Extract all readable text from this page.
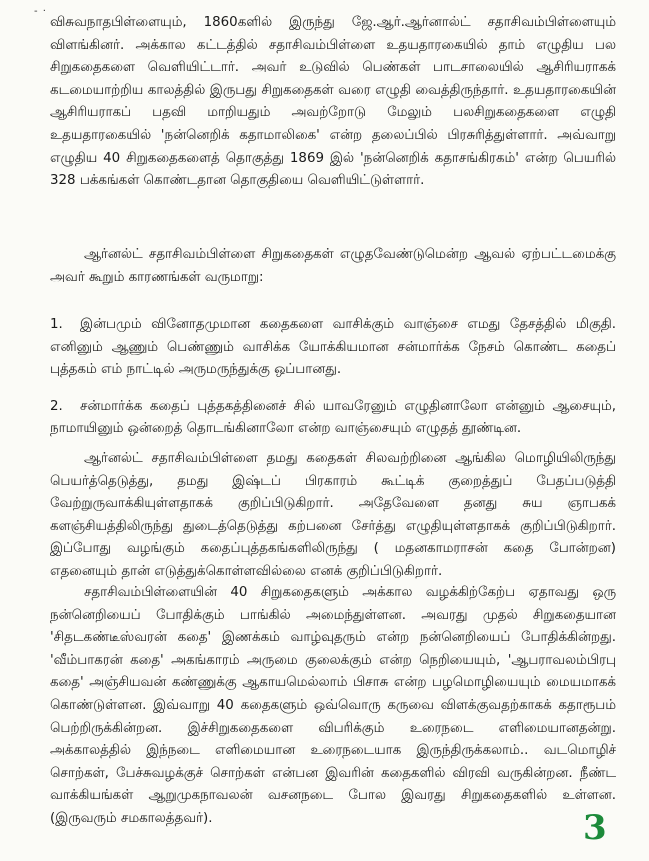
- ·

விசுவநாதபிள்ளையும், 1860களில் இருந்து ஜே.ஆர்.ஆர்னால்ட் சதாசிவம்பிள்ளையும் விளங்கினர். அக்கால கட்டத்தில் சதாசிவம்பிள்ளை உதயதாரகையில் தாம் எழுதிய பல சிறுகதைகளை வெளியிட்டார். அவர் உடுவில் பெண்கள் பாடசாலையில் ஆசிரியராகக் கடமையாற்றிய காலத்தில் இருபது சிறுகதைகள் வரை எழுதி வைத்திருந்தார். உதயதாரகையின் ஆசிரியராகப் பதவி மாறியதும் அவற்றோடு மேலும் பலசிறுகதைகளை எழுதி உதயதாரகையில் 'நன்னெறிக் கதாமாலிகை' என்ற தலைப்பில் பிரசுரித்துள்ளார். அவ்வாறு எழுதிய 40 சிறுகதைகளைத் தொகுத்து 1869 இல் 'நன்னெறிக் கதாசங்கிரகம்' என்ற பெயரில் 328 பக்கங்கள் கொண்டதான தொகுதியை வெளியிட்டுள்ளார்.

ஆர்னல்ட் சதாசிவம்பிள்ளை சிறுகதைகள் எழுதவேண்டுமென்ற ஆவல் ஏற்பட்டமைக்கு அவர் கூறும் காரணங்கள் வருமாறு:

1. இன்பமும் வினோதமுமான கதைகளை வாசிக்கும் வாஞ்சை எமது தேசத்தில் மிகுதி. எனினும் ஆணும் பெண்ணும் வாசிக்க யோக்கியமான சன்மார்க்க நேசம் கொண்ட கதைப் புத்தகம் எம் நாட்டில் அருமருந்துக்கு ஒப்பானது.
2. சன்மார்க்க கதைப் புத்தகத்தினைச் சில் யாவரேனும் எழுதினாலோ என்னும் ஆசையும், நாமாயினும் ஒன்றைத் தொடங்கினாலோ என்ற வாஞ்சையும் எழுதத் தூண்டின.

ஆர்னல்ட் சதாசிவம்பிள்ளை தமது கதைகள் சிலவற்றினை ஆங்கில மொழியிலிருந்து பெயர்த்தெடுத்து, தமது இஷ்டப் பிரகாரம் கூட்டிக் குறைத்துப் பேதப்படுத்தி வேற்றுருவாக்கியுள்ளதாகக் குறிப்பிடுகிறார். அதேவேளை தனது சுய ஞாபகக் களஞ்சியத்திலிருந்து துடைத்தெடுத்து கற்பனை சேர்த்து எழுதியுள்ளதாகக் குறிப்பிடுகிறார். இப்போது வழங்கும் கதைப்புத்தகங்களிலிருந்து ( மதனகாமராசன் கதை போன்றன) எதனையும் தான் எடுத்துக்கொள்ளவில்லை எனக் குறிப்பிடுகிறார்.

சதாசிவம்பிள்ளையின் 40 சிறுகதைகளும் அக்கால வழக்கிற்கேற்ப ஏதாவது ஒரு நன்னெறியைப் போதிக்கும் பாங்கில் அமைந்துள்ளன. அவரது முதல் சிறுகதையான 'சிதடகண்டீஸ்வரன் கதை' இணக்கம் வாழ்வுதரும் என்ற நன்னெறியைப் போதிக்கின்றது. 'வீம்பாகரன் கதை' அகங்காரம் அருமை குலைக்கும் என்ற நெறியையும், 'ஆபராவலம்பிரபு கதை' அஞ்சியவன் கண்ணுக்கு ஆகாயமெல்லாம் பிசாசு என்ற பழமொழியையும் மையமாகக் கொண்டுள்ளன. இவ்வாறு 40 கதைகளும் ஒவ்வொரு கருவை விளக்குவதற்காகக் கதாரூபம் பெற்றிருக்கின்றன. இச்சிறுகதைகளை விபரிக்கும் உரைநடை எளிமையானதன்று. அக்காலத்தில் இந்நடை எளிமையான உரைநடையாக இருந்திருக்கலாம்.. வடமொழிச் சொற்கள், பேச்சுவழக்குச் சொற்கள் என்பன இவரின் கதைகளில் விரவி வருகின்றன. நீண்ட வாக்கியங்கள் ஆறுமுகநாவலன் வசனநடை போல இவரது சிறுகதைகளில் உள்ளன. (இருவரும் சமகாலத்தவர்).	3
